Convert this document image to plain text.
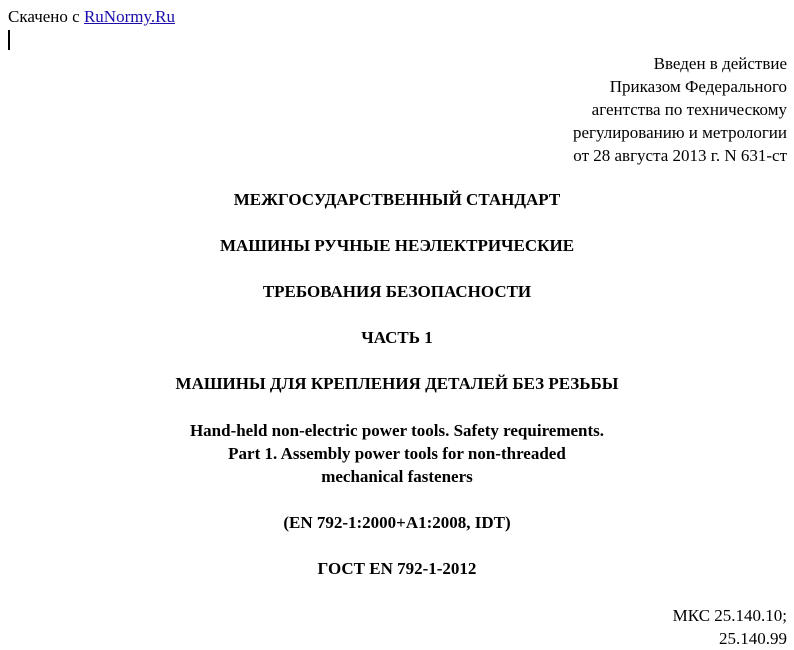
Скачено с RuNormy.Ru
Введен в действие
Приказом Федерального
агентства по техническому
регулированию и метрологии
от 28 августа 2013 г. N 631-ст
МЕЖГОСУДАРСТВЕННЫЙ СТАНДАРТ
МАШИНЫ РУЧНЫЕ НЕЭЛЕКТРИЧЕСКИЕ
ТРЕБОВАНИЯ БЕЗОПАСНОСТИ
ЧАСТЬ 1
МАШИНЫ ДЛЯ КРЕПЛЕНИЯ ДЕТАЛЕЙ БЕЗ РЕЗЬБЫ
Hand-held non-electric power tools. Safety requirements.
Part 1. Assembly power tools for non-threaded
mechanical fasteners
(EN 792-1:2000+A1:2008, IDT)
ГОСТ EN 792-1-2012
МКС 25.140.10;
25.140.99
